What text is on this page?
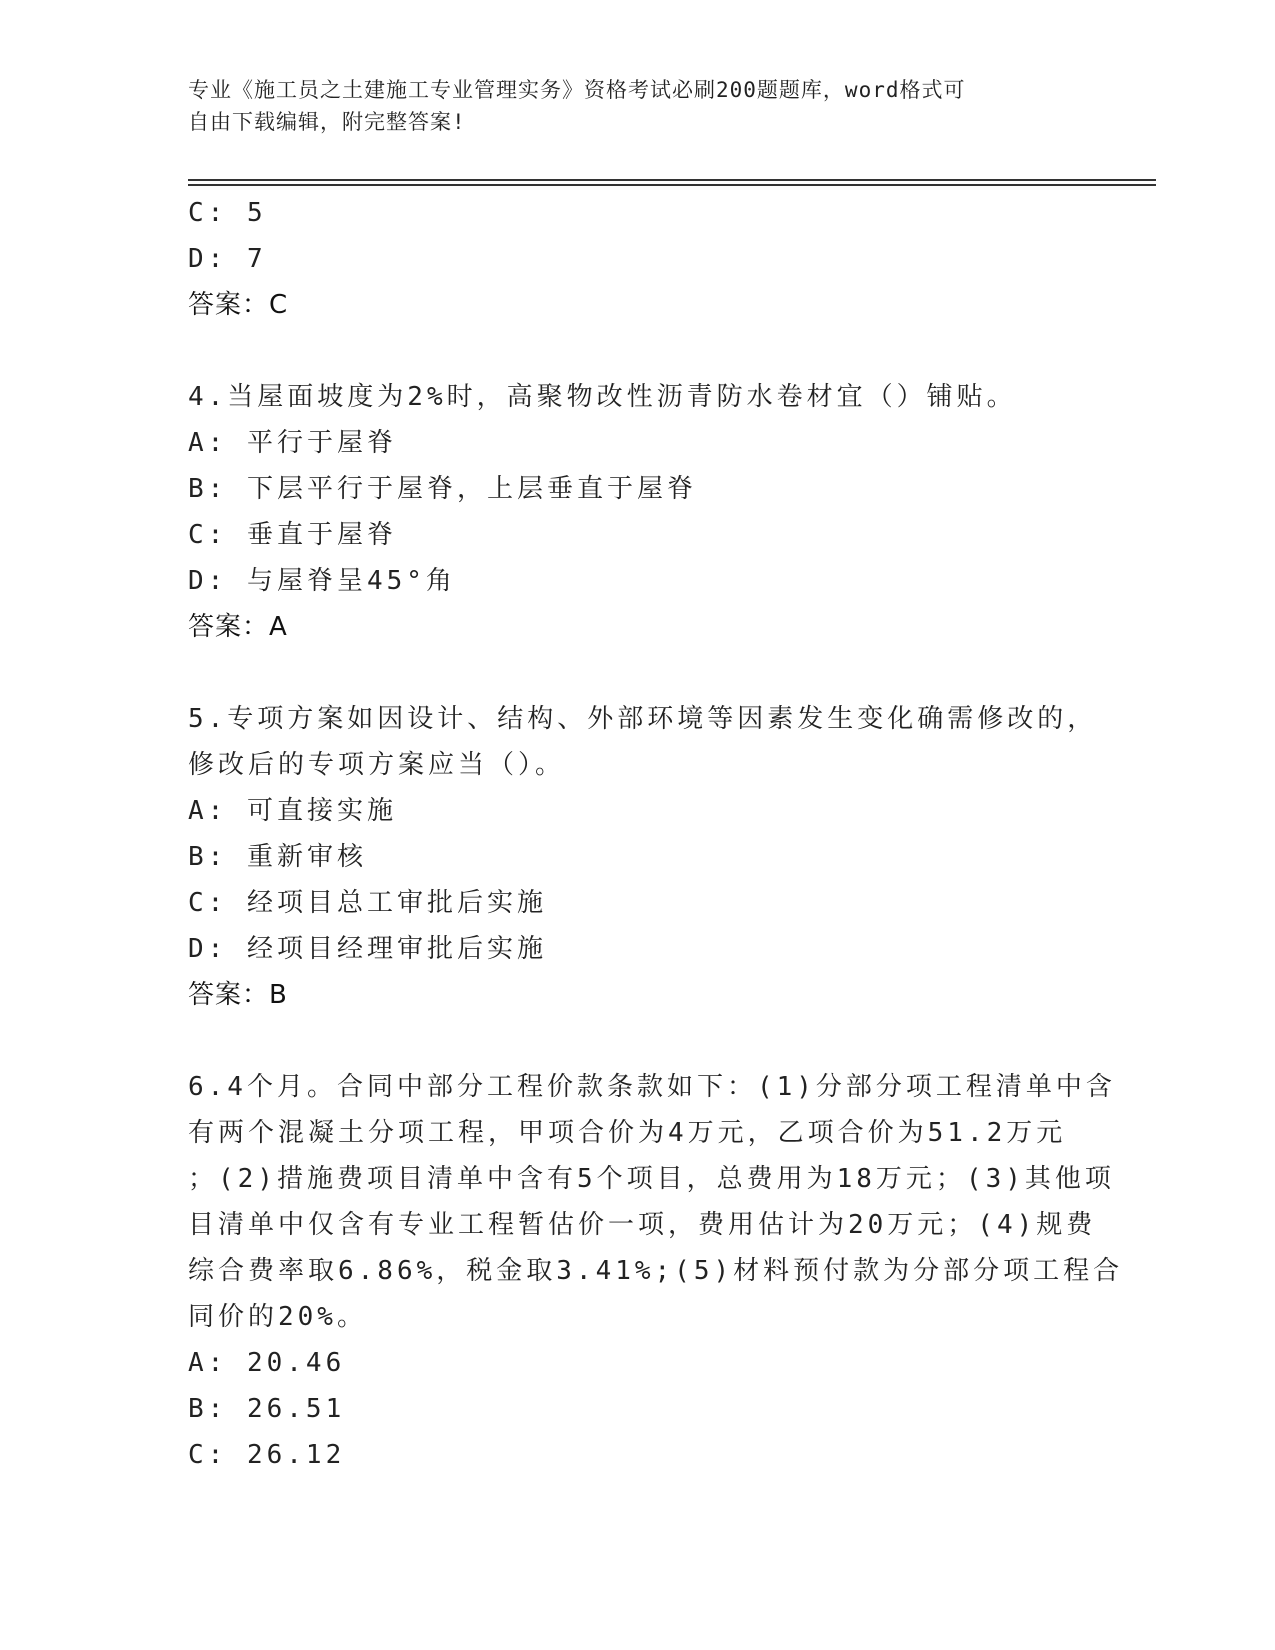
专业《施工员之土建施工专业管理实务》资格考试必刷200题题库，word格式可
自由下载编辑，附完整答案!
C: 5
D: 7
答案：C
4.当屋面坡度为2%时，高聚物改性沥青防水卷材宜（）铺贴。
A: 平行于屋脊
B: 下层平行于屋脊，上层垂直于屋脊
C: 垂直于屋脊
D: 与屋脊呈45°角
答案：A
5.专项方案如因设计、结构、外部环境等因素发生变化确需修改的，
修改后的专项方案应当（）。
A: 可直接实施
B: 重新审核
C: 经项目总工审批后实施
D: 经项目经理审批后实施
答案：B
6.4个月。合同中部分工程价款条款如下：(1)分部分项工程清单中含
有两个混凝土分项工程，甲项合价为4万元，乙项合价为51.2万元
；(2)措施费项目清单中含有5个项目，总费用为18万元；(3)其他项
目清单中仅含有专业工程暂估价一项，费用估计为20万元；(4)规费
综合费率取6.86%，税金取3.41%;(5)材料预付款为分部分项工程合
同价的20%。
A: 20.46
B: 26.51
C: 26.12
